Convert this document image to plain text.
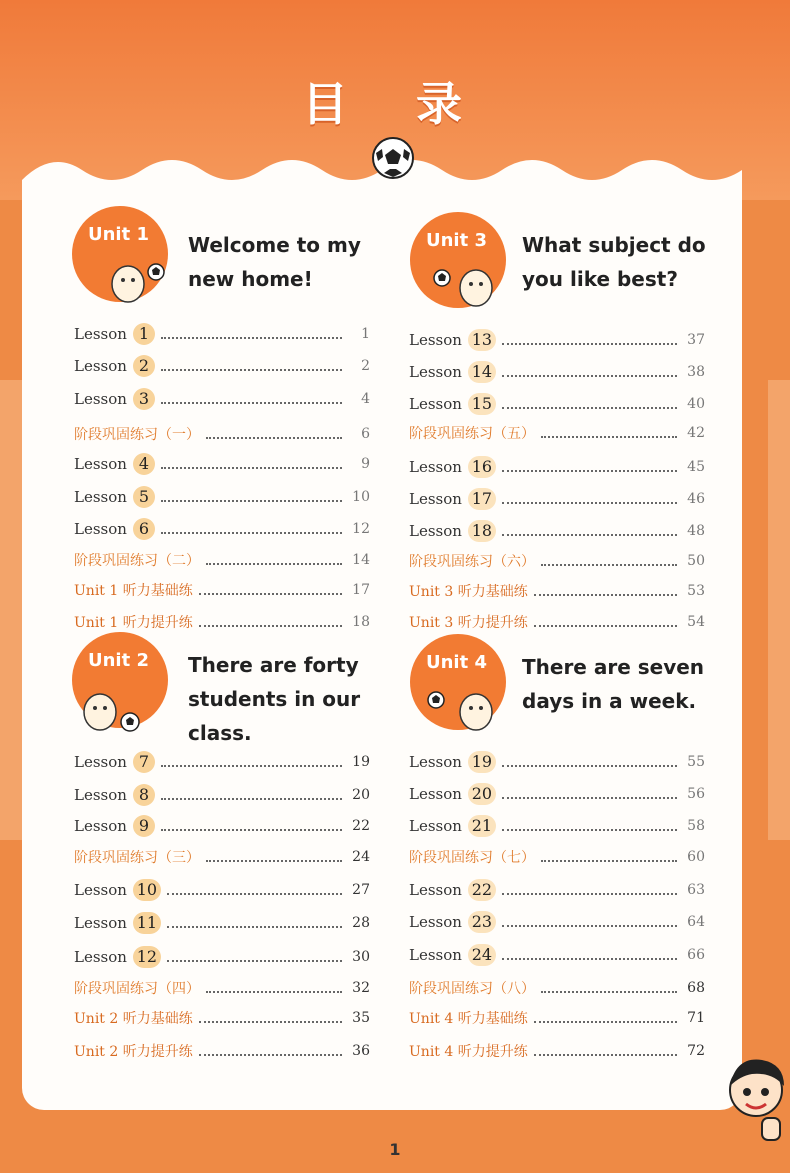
目 录
Unit 1 Welcome to my new home!
Unit 2 There are forty students in our class.
Unit 3 What subject do you like best?
Unit 4 There are seven days in a week.
Lesson 1	1
Lesson 2	2
Lesson 3	4
阶段巩固练习（一）	6
Lesson 4	9
Lesson 5	10
Lesson 6	12
阶段巩固练习（二）	14
Unit 1 听力基础练	17
Unit 1 听力提升练	18
Lesson 7	19
Lesson 8	20
Lesson 9	22
阶段巩固练习（三）	24
Lesson 10	27
Lesson 11	28
Lesson 12	30
阶段巩固练习（四）	32
Unit 2 听力基础练	35
Unit 2 听力提升练	36
Lesson 13	37
Lesson 14	38
Lesson 15	40
阶段巩固练习（五）	42
Lesson 16	45
Lesson 17	46
Lesson 18	48
阶段巩固练习（六）	50
Unit 3 听力基础练	53
Unit 3 听力提升练	54
Lesson 19	55
Lesson 20	56
Lesson 21	58
阶段巩固练习（七）	60
Lesson 22	63
Lesson 23	64
Lesson 24	66
阶段巩固练习（八）	68
Unit 4 听力基础练	71
Unit 4 听力提升练	72
1
